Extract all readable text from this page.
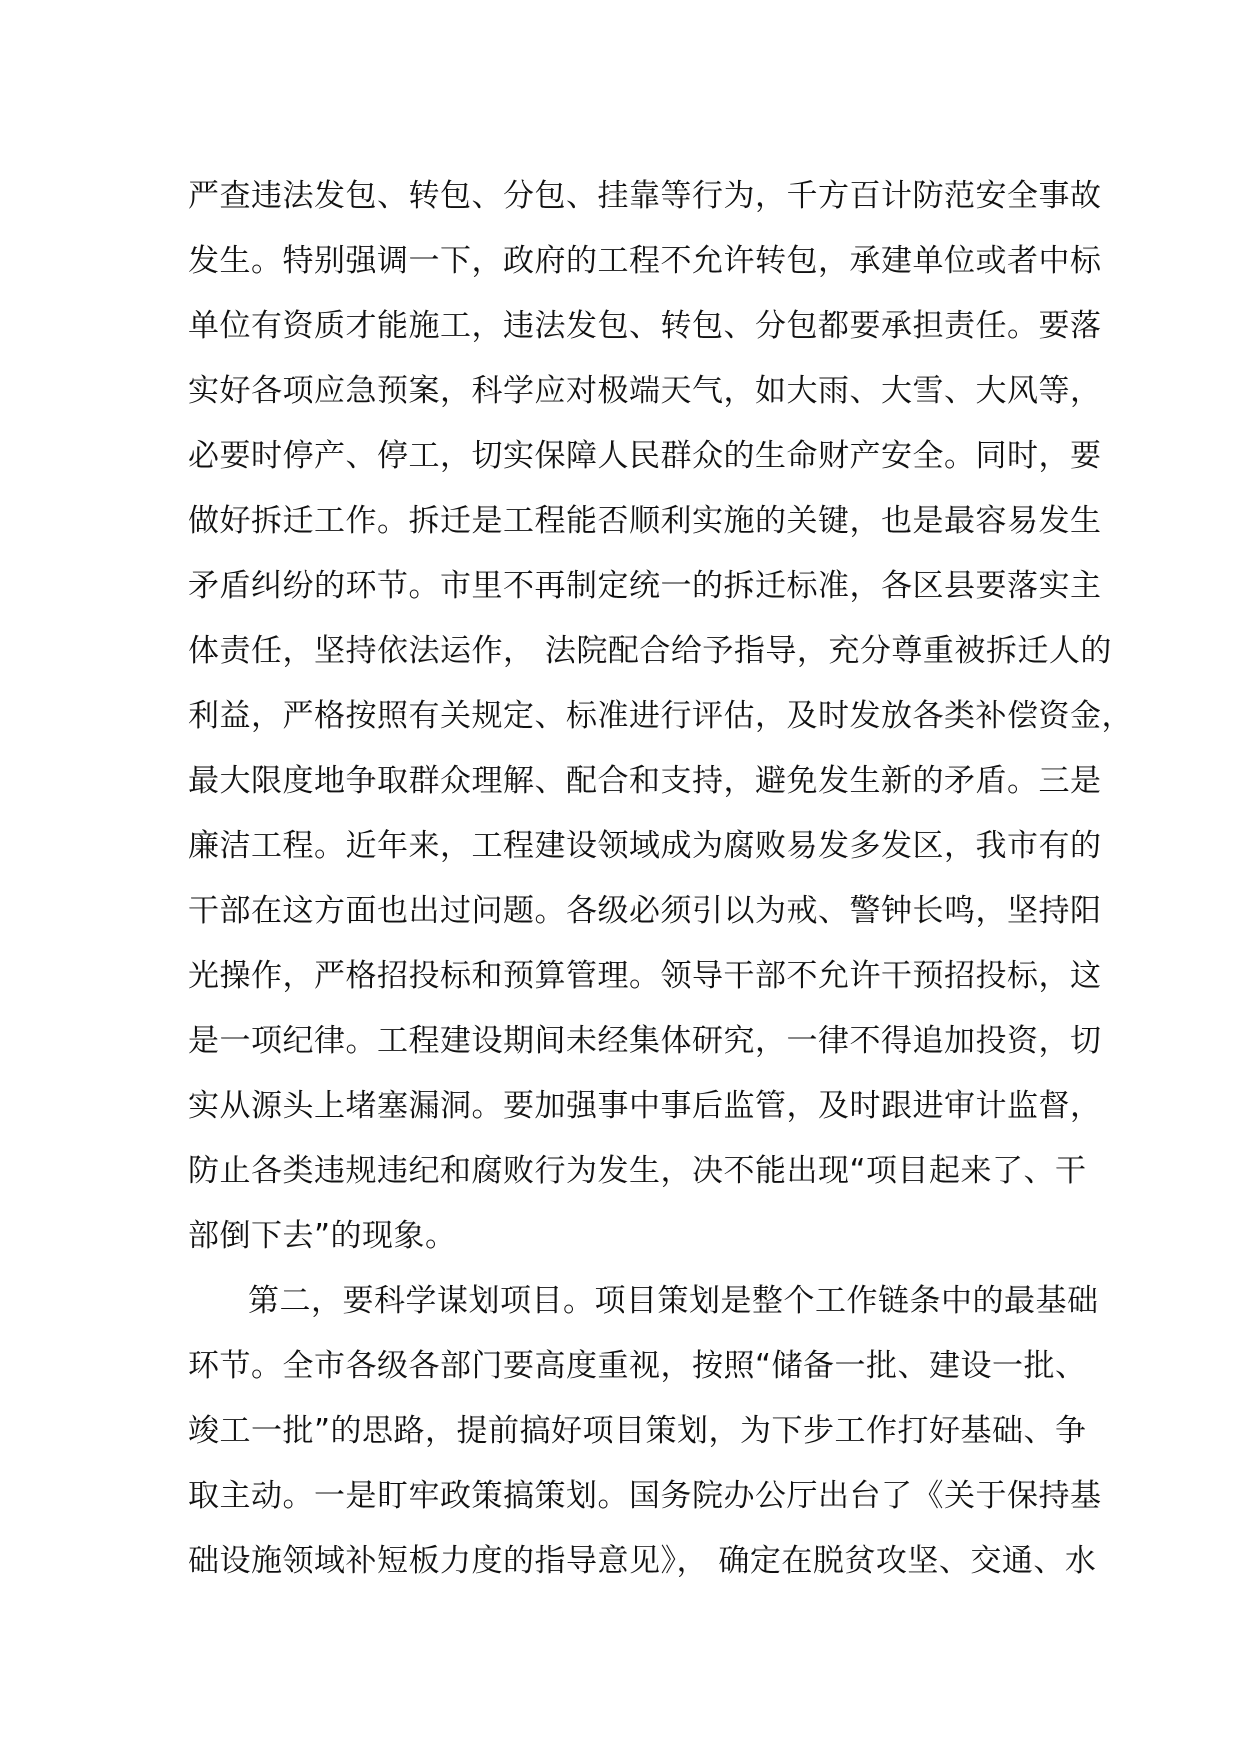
严查违法发包、转包、分包、挂靠等行为，千方百计防范安全事故
发生。特别强调一下，政府的工程不允许转包，承建单位或者中标
单位有资质才能施工，违法发包、转包、分包都要承担责任。要落
实好各项应急预案，科学应对极端天气，如大雨、大雪、大风等，
必要时停产、停工，切实保障人民群众的生命财产安全。同时，要
做好拆迁工作。拆迁是工程能否顺利实施的关键，也是最容易发生
矛盾纠纷的环节。市里不再制定统一的拆迁标准，各区县要落实主
体责任，坚持依法运作， 法院配合给予指导，充分尊重被拆迁人的
利益，严格按照有关规定、标准进行评估，及时发放各类补偿资金，
最大限度地争取群众理解、配合和支持，避免发生新的矛盾。三是
廉洁工程。近年来，工程建设领域成为腐败易发多发区，我市有的
干部在这方面也出过问题。各级必须引以为戒、警钟长鸣，坚持阳
光操作，严格招投标和预算管理。领导干部不允许干预招投标，这
是一项纪律。工程建设期间未经集体研究，一律不得追加投资，切
实从源头上堵塞漏洞。要加强事中事后监管，及时跟进审计监督，
防止各类违规违纪和腐败行为发生，决不能出现“项目起来了、干
部倒下去”的现象。
第二，要科学谋划项目。项目策划是整个工作链条中的最基础
环节。全市各级各部门要高度重视，按照“储备一批、建设一批、
竣工一批”的思路，提前搞好项目策划，为下步工作打好基础、争
取主动。一是盯牢政策搞策划。国务院办公厅出台了《关于保持基
础设施领域补短板力度的指导意见》， 确定在脱贫攻坚、交通、水
